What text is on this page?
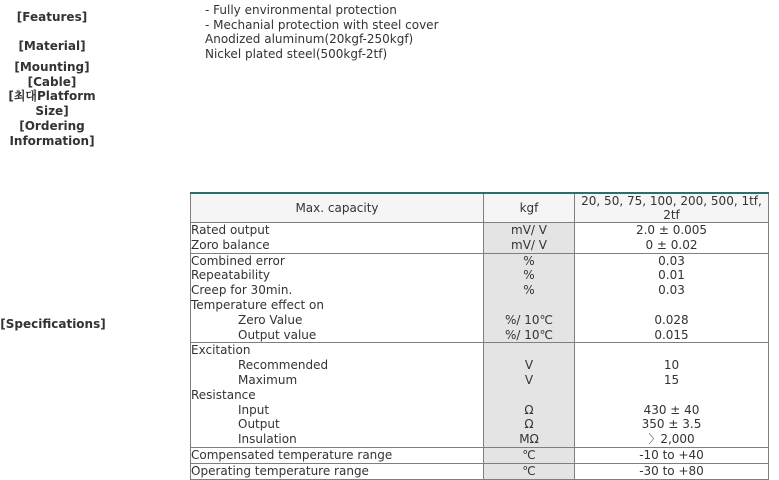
[Features]
[Material]
[Mounting]
[Cable]
[최대Platform Size]
[Ordering Information]
[Specifications]
- Fully environmental protection
- Mechanial protection with steel cover
Anodized aluminum(20kgf-250kgf)
Nickel plated steel(500kgf-2tf)
Max. capacity	kgf	20, 50, 75, 100, 200, 500, 1tf, 2tf
Rated output	mV/ V	2.0 ± 0.005
Zoro balance	mV/ V	0 ± 0.02
Combined error	%	0.03
Repeatability	%	0.01
Creep for 30min.	%	0.03
Temperature effect on		
Zero Value	%/ 10℃	0.028
Output value	%/ 10℃	0.015
Excitation		
Recommended	V	10
Maximum	V	15
Resistance		
Input	Ω	430 ± 40
Output	Ω	350 ± 3.5
Insulation	MΩ	〉2,000
Compensated temperature range	℃	-10 to +40
Operating temperature range	℃	-30 to +80
